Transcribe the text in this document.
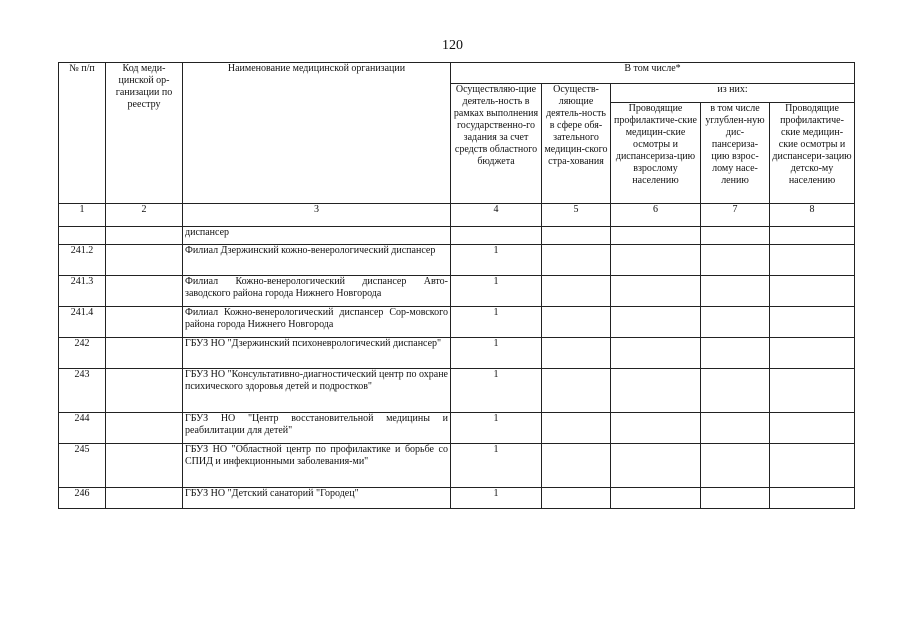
120
№ п/п	Код меди-цинской ор-ганизации по реестру	Наименование медицинской организации	В том числе*				
			Осуществляю-щие деятель-ность в рамках выполнения государственно-го задания за счет средств областного бюджета	Осуществ-ляющие деятель-ность в сфере обя-зательного медицин-ского стра-хования	из них:		
					Проводящие профилактиче-ские медицин-ские осмотры и диспансериза-цию взрослому населению	в том числе углублен-ную дис-пансериза-цию взрос-лому насе-лению	Проводящие профилактиче-ские медицин-ские осмотры и диспансери-зацию детско-му населению
1	2	3	4	5	6	7	8
		диспансер					
241.2		Филиал Дзержинский кожно-венерологический диспансер	1				
241.3		Филиал Кожно-венерологический диспансер Авто-заводского района города Нижнего Новгорода	1				
241.4		Филиал Кожно-венерологический диспансер Сор-мовского района города Нижнего Новгорода	1				
242		ГБУЗ НО "Дзержинский психоневрологический диспансер"	1				
243		ГБУЗ НО "Консультативно-диагностический центр по охране психического здоровья детей и подростков"	1				
244		ГБУЗ НО "Центр восстановительной медицины и реабилитации для детей"	1				
245		ГБУЗ НО "Областной центр по профилактике и борьбе со СПИД и инфекционными заболевания-ми"	1				
246		ГБУЗ НО "Детский санаторий "Городец"	1				
